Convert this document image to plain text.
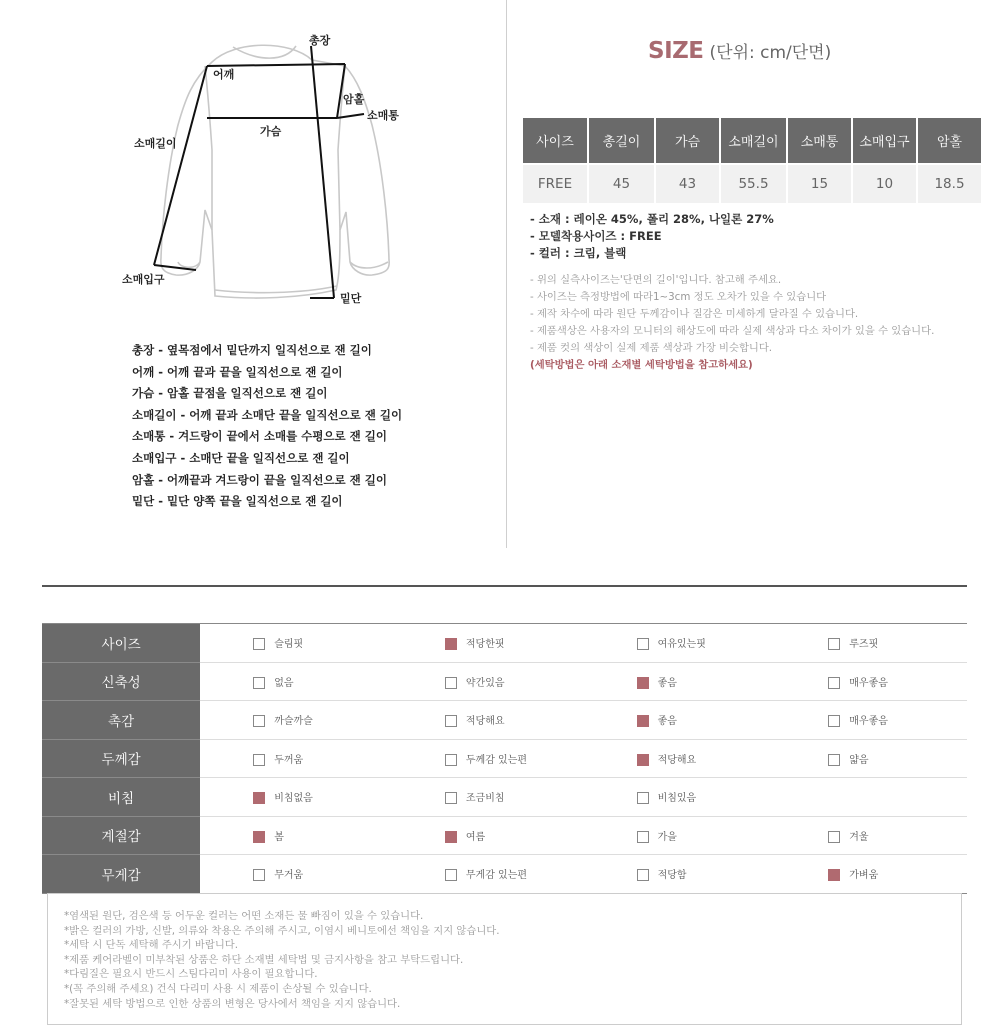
총장
어깨
암홀
소매통
소매길이
가슴
소매입구
밑단
총장 - 옆목점에서 밑단까지 일직선으로 잰 길이
어깨 - 어깨 끝과 끝을 일직선으로 잰 길이
가슴 - 암홀 끝점을 일직선으로 잰 길이
소매길이 - 어깨 끝과 소매단 끝을 일직선으로 잰 길이
소매통 - 겨드랑이 끝에서 소매를 수평으로 잰 길이
소매입구 - 소매단 끝을 일직선으로 잰 길이
암홀 - 어깨끝과 겨드랑이 끝을 일직선으로 잰 길이
밑단 - 밑단 양쪽 끝을 일직선으로 잰 길이
SIZE (단위: cm/단면)
사이즈	총길이	가슴	소매길이	소매통	소매입구	암홀
FREE	45	43	55.5	15	10	18.5
- 소재 : 레이온 45%, 폴리 28%, 나일론 27%
- 모델착용사이즈 : FREE
- 컬러 : 크림, 블랙
- 위의 실측사이즈는'단면의 길이'입니다. 참고해 주세요.
- 사이즈는 측정방법에 따라1~3cm 정도 오차가 있을 수 있습니다
- 제작 차수에 따라 원단 두께감이나 질감은 미세하게 달라질 수 있습니다.
- 제품색상은 사용자의 모니터의 해상도에 따라 실제 색상과 다소 차이가 있을 수 있습니다.
- 제품 컷의 색상이 실제 제품 색상과 가장 비슷합니다.
(세탁방법은 아래 소재별 세탁방법을 참고하세요)
사이즈	슬림핏	적당한핏	여유있는핏	루즈핏
신축성	없음	약간있음	좋음	매우좋음
촉감	까슬까슬	적당해요	좋음	매우좋음
두께감	두꺼움	두께감 있는편	적당해요	얇음
비침	비침없음	조금비침	비침있음	
계절감	봄	여름	가을	겨울
무게감	무거움	무게감 있는편	적당함	가벼움
*염색된 원단, 검은색 등 어두운 컬러는 어떤 소재든 물 빠짐이 있을 수 있습니다.
*밝은 컬러의 가방, 신발, 의류와 착용은 주의해 주시고, 이염시 베니토에선 책임을 지지 않습니다.
*세탁 시 단독 세탁해 주시기 바랍니다.
*제품 케어라벨이 미부착된 상품은 하단 소재별 세탁법 및 금지사항을 참고 부탁드립니다.
*다림질은 필요시 반드시 스팀다리미 사용이 필요합니다.
*(꼭 주의해 주세요) 건식 다리미 사용 시 제품이 손상될 수 있습니다.
*잘못된 세탁 방법으로 인한 상품의 변형은 당사에서 책임을 지지 않습니다.
